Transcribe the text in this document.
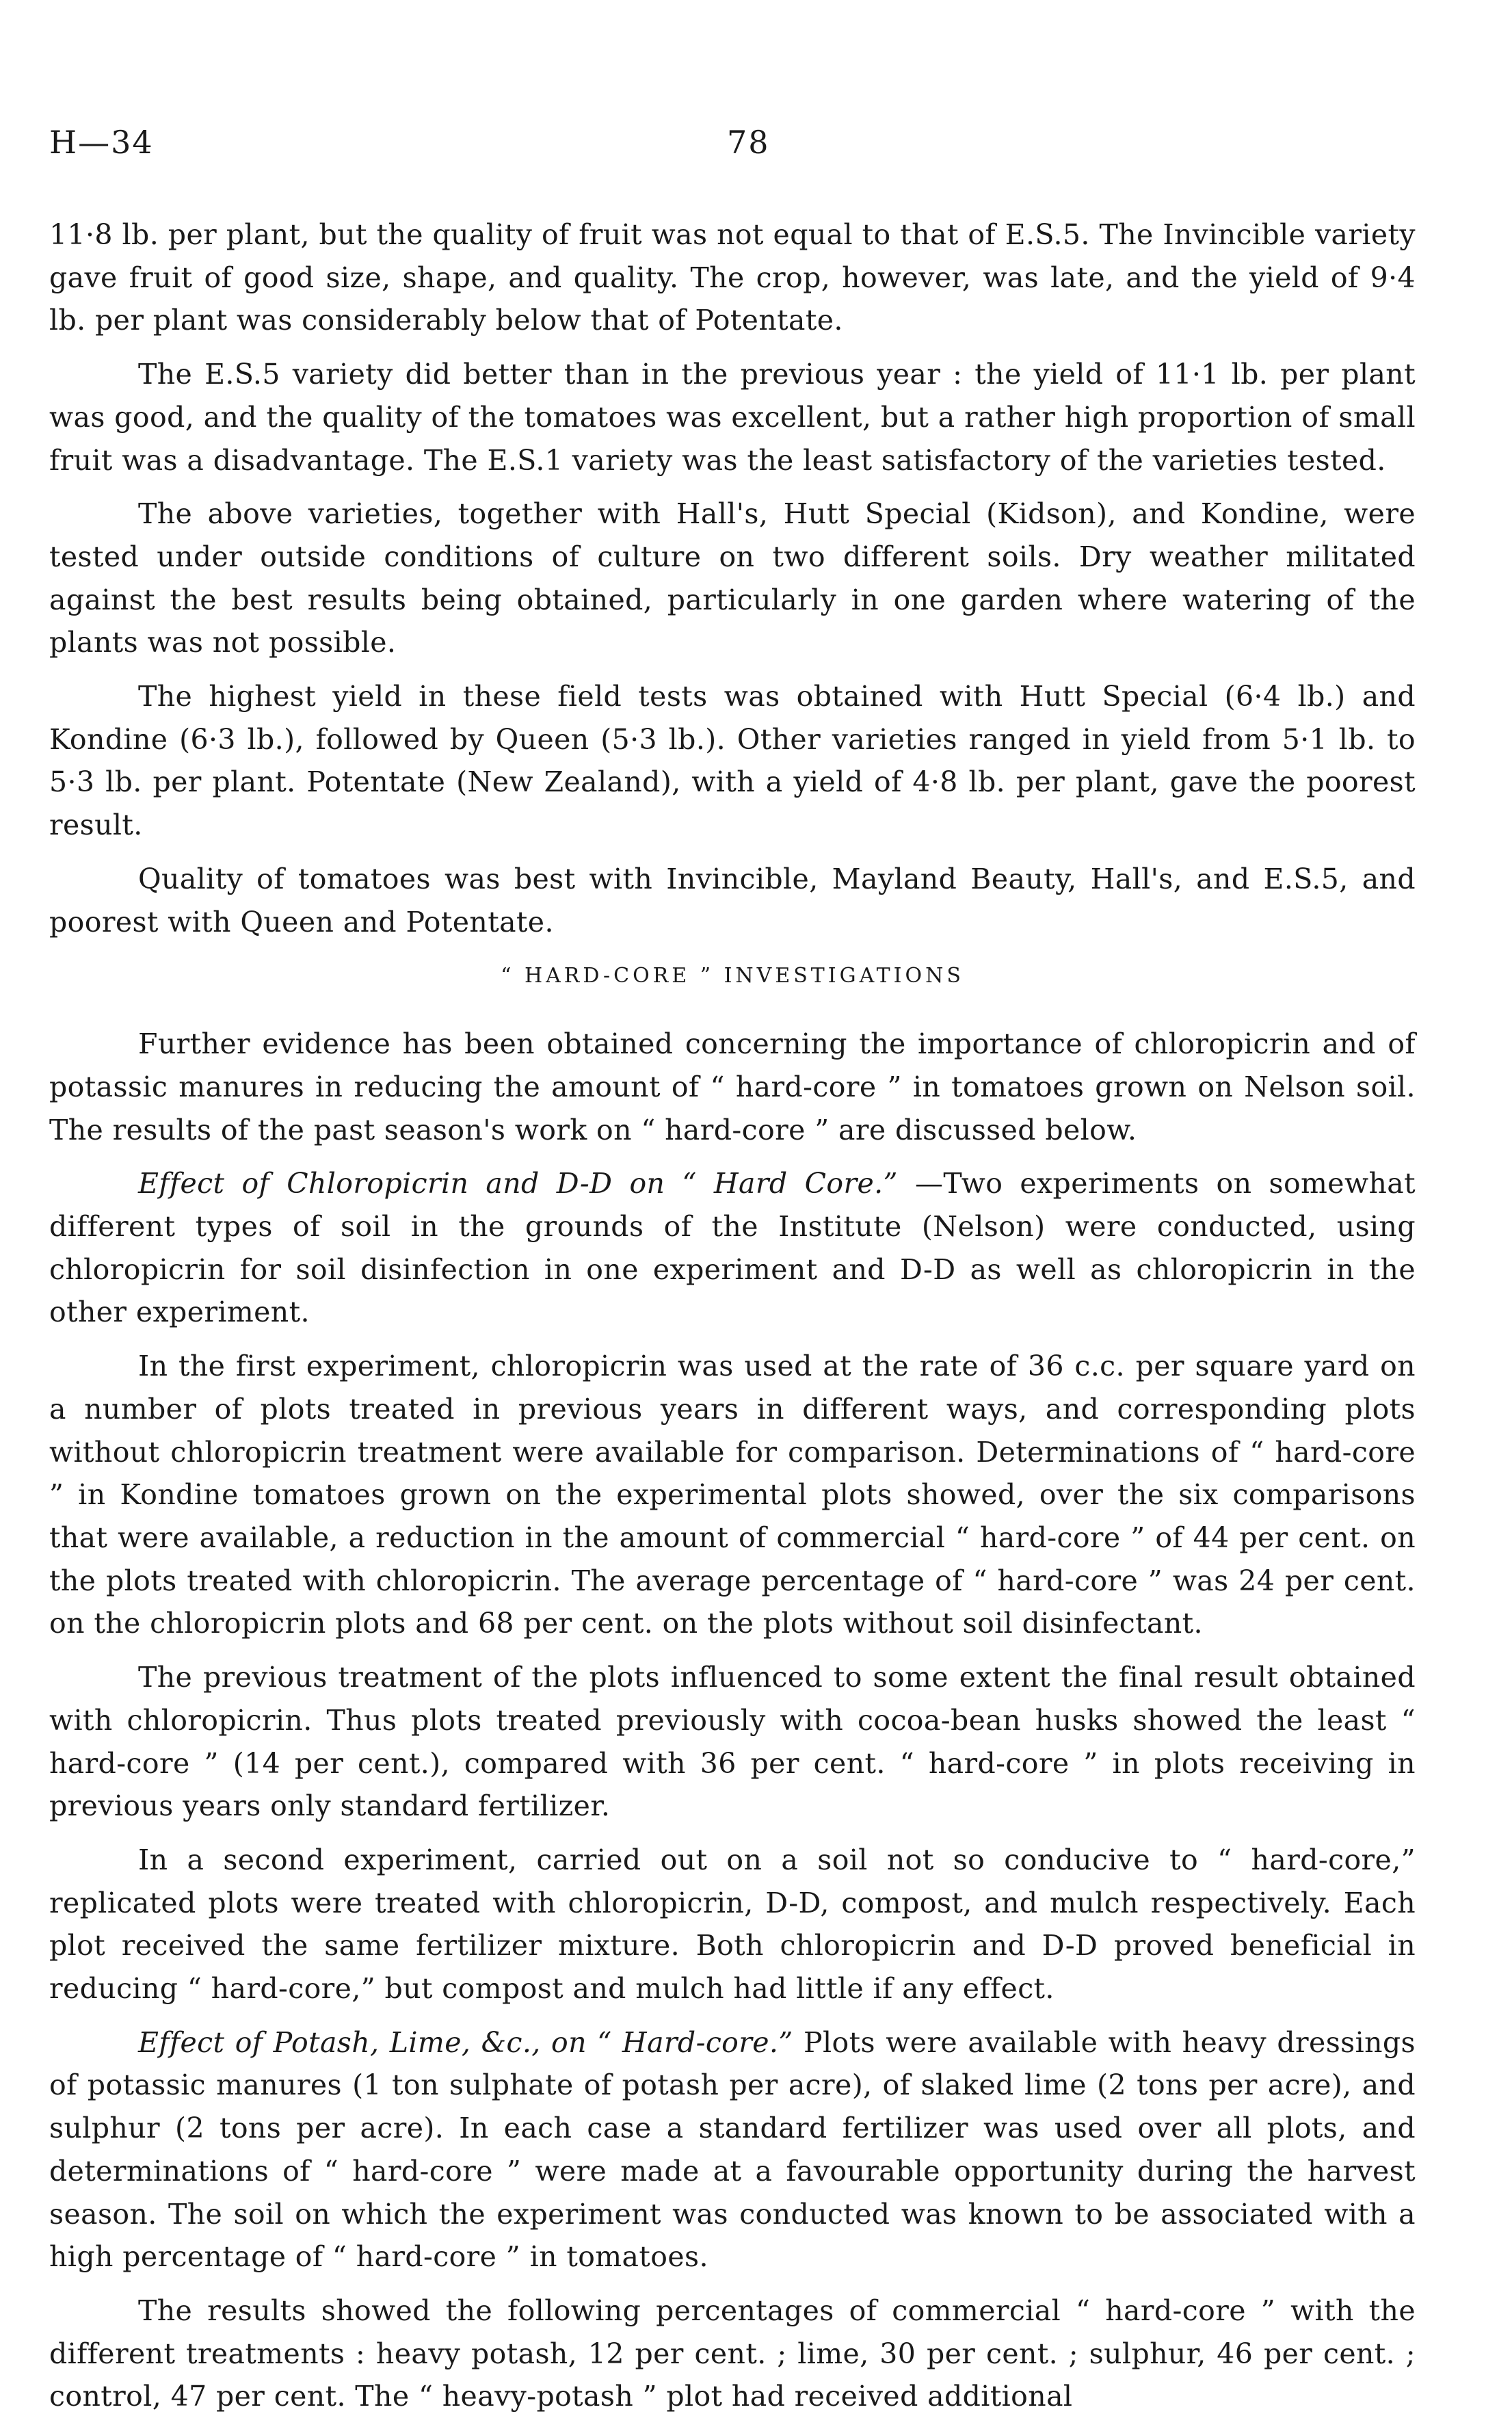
H—34	78

11·8 lb. per plant, but the quality of fruit was not equal to that of E.S.5. The Invincible variety gave fruit of good size, shape, and quality. The crop, however, was late, and the yield of 9·4 lb. per plant was considerably below that of Potentate.

The E.S.5 variety did better than in the previous year : the yield of 11·1 lb. per plant was good, and the quality of the tomatoes was excellent, but a rather high proportion of small fruit was a disadvantage. The E.S.1 variety was the least satisfactory of the varieties tested.

The above varieties, together with Hall's, Hutt Special (Kidson), and Kondine, were tested under outside conditions of culture on two different soils. Dry weather militated against the best results being obtained, particularly in one garden where watering of the plants was not possible.

The highest yield in these field tests was obtained with Hutt Special (6·4 lb.) and Kondine (6·3 lb.), followed by Queen (5·3 lb.). Other varieties ranged in yield from 5·1 lb. to 5·3 lb. per plant. Potentate (New Zealand), with a yield of 4·8 lb. per plant, gave the poorest result.

Quality of tomatoes was best with Invincible, Mayland Beauty, Hall's, and E.S.5, and poorest with Queen and Potentate.

“ HARD-CORE ” INVESTIGATIONS

Further evidence has been obtained concerning the importance of chloropicrin and of potassic manures in reducing the amount of “ hard-core ” in tomatoes grown on Nelson soil. The results of the past season's work on “ hard-core ” are discussed below.

Effect of Chloropicrin and D-D on “ Hard Core.” —Two experiments on somewhat different types of soil in the grounds of the Institute (Nelson) were conducted, using chloropicrin for soil disinfection in one experiment and D-D as well as chloropicrin in the other experiment.

In the first experiment, chloropicrin was used at the rate of 36 c.c. per square yard on a number of plots treated in previous years in different ways, and corresponding plots without chloropicrin treatment were available for comparison. Determinations of “ hard-core ” in Kondine tomatoes grown on the experimental plots showed, over the six comparisons that were available, a reduction in the amount of commercial “ hard-core ” of 44 per cent. on the plots treated with chloropicrin. The average percentage of “ hard-core ” was 24 per cent. on the chloropicrin plots and 68 per cent. on the plots without soil disinfectant.

The previous treatment of the plots influenced to some extent the final result obtained with chloropicrin. Thus plots treated previously with cocoa-bean husks showed the least “ hard-core ” (14 per cent.), compared with 36 per cent. “ hard-core ” in plots receiving in previous years only standard fertilizer.

In a second experiment, carried out on a soil not so conducive to “ hard-core,” replicated plots were treated with chloropicrin, D-D, compost, and mulch respectively. Each plot received the same fertilizer mixture. Both chloropicrin and D-D proved beneficial in reducing “ hard-core,” but compost and mulch had little if any effect.

Effect of Potash, Lime, &c., on “ Hard-core.” Plots were available with heavy dressings of potassic manures (1 ton sulphate of potash per acre), of slaked lime (2 tons per acre), and sulphur (2 tons per acre). In each case a standard fertilizer was used over all plots, and determinations of “ hard-core ” were made at a favourable opportunity during the harvest season. The soil on which the experiment was conducted was known to be associated with a high percentage of “ hard-core ” in tomatoes.

The results showed the following percentages of commercial “ hard-core ” with the different treatments : heavy potash, 12 per cent. ; lime, 30 per cent. ; sulphur, 46 per cent. ; control, 47 per cent. The “ heavy-potash ” plot had received additional
